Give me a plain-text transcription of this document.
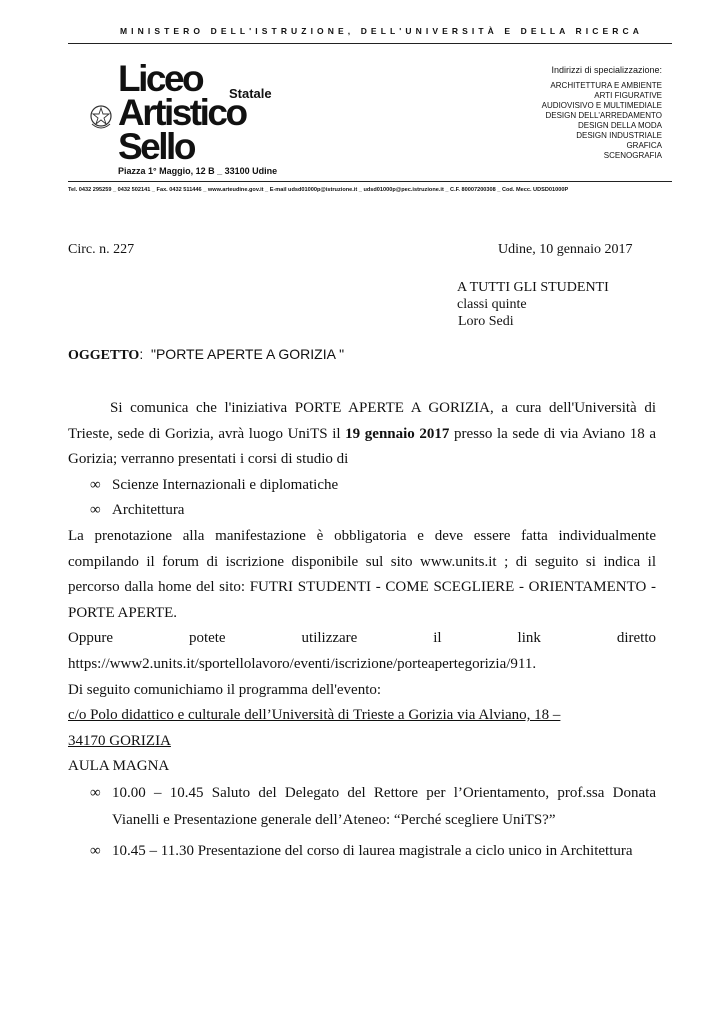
MINISTERO DELL'ISTRUZIONE, DELL'UNIVERSITÀ E DELLA RICERCA
Liceo Statale
Artistico
Sello
Piazza 1° Maggio, 12 B _ 33100 Udine
Indirizzi di specializzazione:
ARCHITETTURA E AMBIENTE
ARTI FIGURATIVE
AUDIOVISIVO E MULTIMEDIALE
DESIGN DELL'ARREDAMENTO
DESIGN DELLA MODA
DESIGN INDUSTRIALE
GRAFICA
SCENOGRAFIA
Tel. 0432 295259 _ 0432 502141 _ Fax. 0432 511446 _ www.arteudine.gov.it _ E-mail udsd01000p@istruzione.it _ udsd01000p@pec.istruzione.it _ C.F. 80007200308 _ Cod. Mecc. UDSD01000P
Circ. n. 227	Udine, 10 gennaio 2017
A TUTTI GLI STUDENTI
classi quinte
Loro Sedi
OGGETTO: "PORTE APERTE A GORIZIA "

Si comunica che l'iniziativa PORTE APERTE A GORIZIA, a cura dell'Università di Trieste, sede di Gorizia, avrà luogo UniTS il 19 gennaio 2017 presso la sede di via Aviano 18 a Gorizia; verranno presentati i corsi di studio di

∞ Scienze Internazionali e diplomatiche
∞ Architettura

La prenotazione alla manifestazione è obbligatoria e deve essere fatta individualmente compilando il forum di iscrizione disponibile sul sito www.units.it ; di seguito si indica il percorso dalla home del sito: FUTRI STUDENTI - COME SCEGLIERE - ORIENTAMENTO - PORTE APERTE.

Oppure	potete	utilizzare	il	link	diretto

https://www2.units.it/sportellolavoro/eventi/iscrizione/porteapertegorizia/911.

Di seguito comunichiamo il programma dell'evento:

c/o Polo didattico e culturale dell’Università di Trieste a Gorizia via Alviano, 18 –

34170 GORIZIA

AULA MAGNA

∞ 10.00 – 10.45 Saluto del Delegato del Rettore per l’Orientamento, prof.ssa Donata Vianelli e Presentazione generale dell’Ateneo: “Perché scegliere UniTS?”
∞ 10.45 – 11.30 Presentazione del corso di laurea magistrale a ciclo unico in Architettura
